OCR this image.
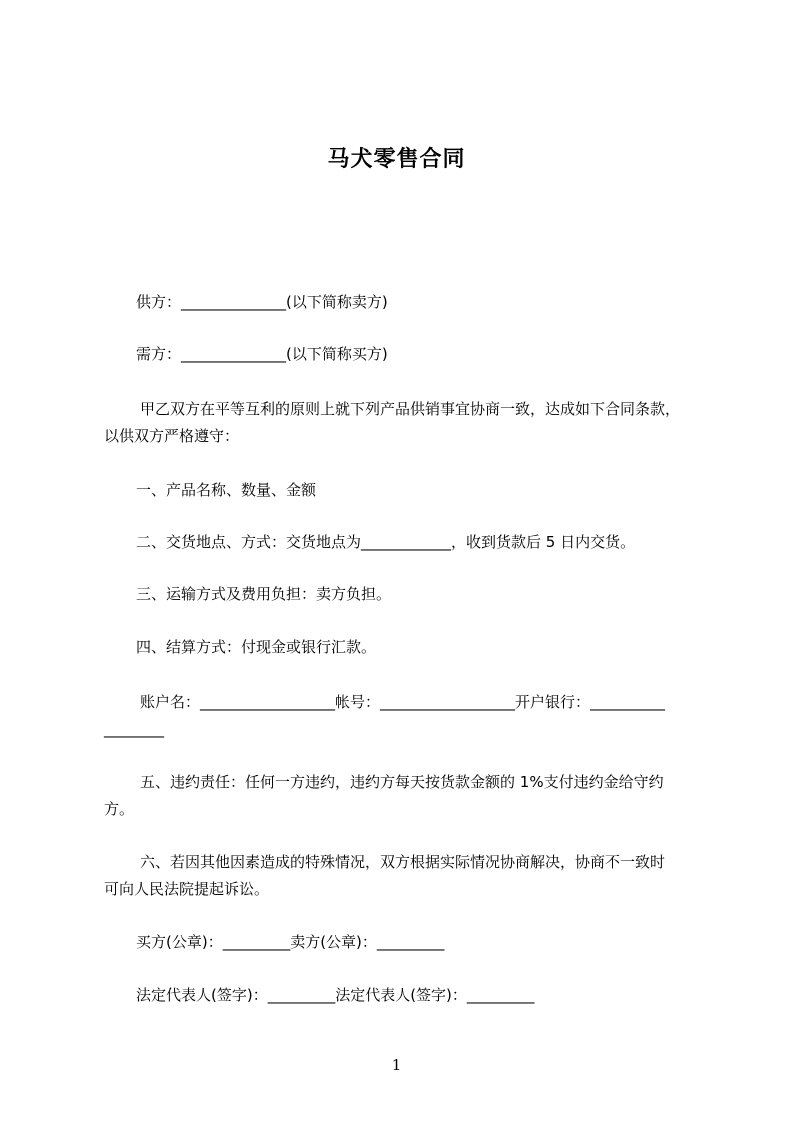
马犬零售合同
供方：______________(以下简称卖方)
需方：______________(以下简称买方)
甲乙双方在平等互利的原则上就下列产品供销事宜协商一致，达成如下合同条款，
以供双方严格遵守：
一、产品名称、数量、金额
二、交货地点、方式：交货地点为____________，收到货款后 5 日内交货。
三、运输方式及费用负担：卖方负担。
四、结算方式：付现金或银行汇款。
账户名：__________________帐号：__________________开户银行：__________
________
五、违约责任：任何一方违约，违约方每天按货款金额的 1%支付违约金给守约
方。
六、若因其他因素造成的特殊情况，双方根据实际情况协商解决，协商不一致时
可向人民法院提起诉讼。
买方(公章)：_________卖方(公章)：_________
法定代表人(签字)：_________法定代表人(签字)：_________
1
